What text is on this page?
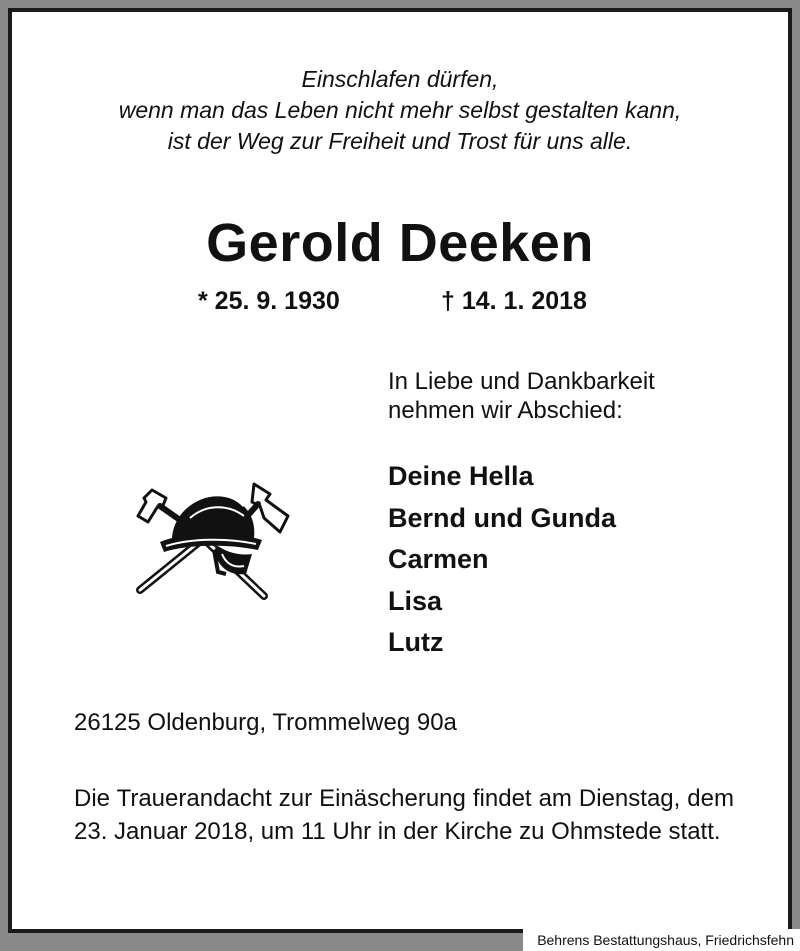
Einschlafen dürfen,
wenn man das Leben nicht mehr selbst gestalten kann,
ist der Weg zur Freiheit und Trost für uns alle.
Gerold Deeken
* 25. 9. 1930	† 14. 1. 2018
In Liebe und Dankbarkeit
nehmen wir Abschied:
Deine Hella
Bernd und Gunda
Carmen
Lisa
Lutz
26125 Oldenburg, Trommelweg 90a
Die Trauerandacht zur Einäscherung findet am Dienstag, dem 23. Januar 2018, um 11 Uhr in der Kirche zu Ohmstede statt.
Behrens Bestattungshaus, Friedrichsfehn
